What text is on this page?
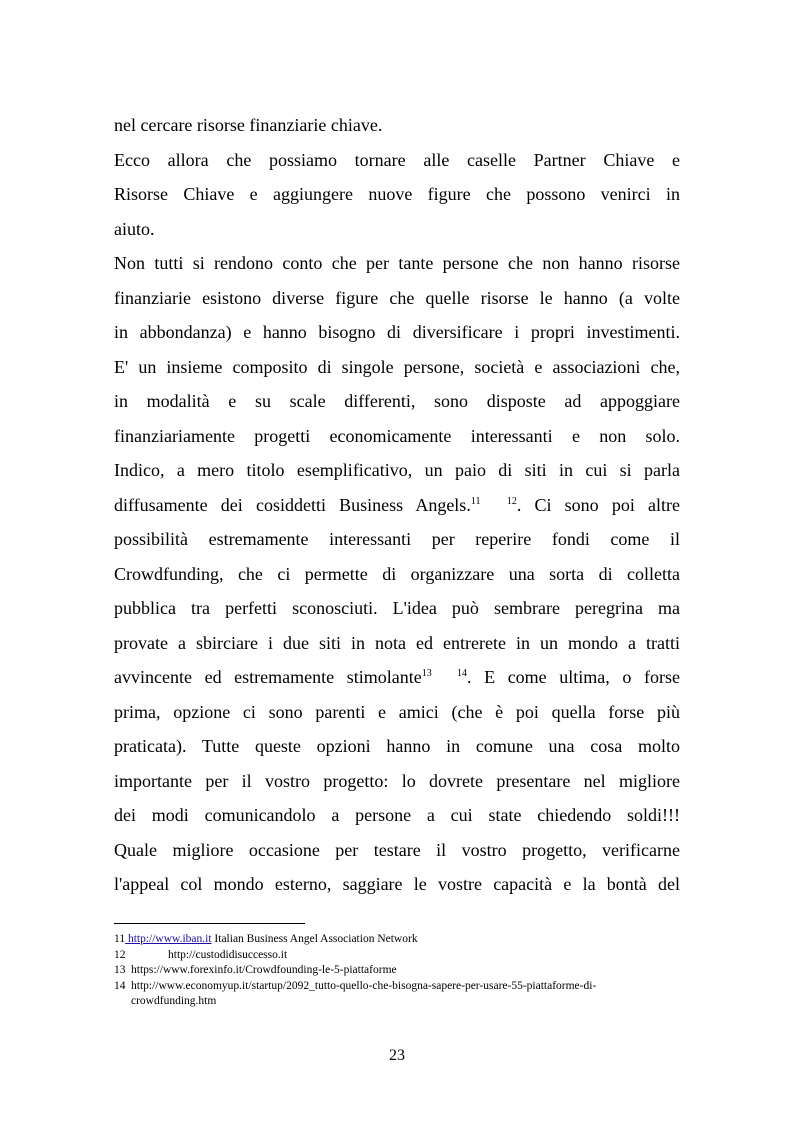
nel cercare risorse finanziarie chiave.
Ecco allora che possiamo tornare alle caselle Partner Chiave e
Risorse Chiave e aggiungere nuove figure che possono venirci in
aiuto.
Non tutti si rendono conto che per tante persone che non hanno risorse
finanziarie esistono diverse figure che quelle risorse le hanno (a volte
in abbondanza) e hanno bisogno di diversificare i propri investimenti.
E' un insieme composito di singole persone, società e associazioni che,
in modalità e su scale differenti, sono disposte ad appoggiare
finanziariamente progetti economicamente interessanti e non solo.
Indico, a mero titolo esemplificativo, un paio di siti in cui si parla
diffusamente dei cosiddetti Business Angels.$^{11}$	$^{12}$. Ci sono poi altre
possibilità estremamente interessanti per reperire fondi come il
Crowdfunding, che ci permette di organizzare una sorta di colletta
pubblica tra perfetti sconosciuti. L'idea può sembrare peregrina ma
provate a sbirciare i due siti in nota ed entrerete in un mondo a tratti
avvincente ed estremamente stimolante$^{13}$	$^{14}$. E come ultima, o forse
prima, opzione ci sono parenti e amici (che è poi quella forse più
praticata). Tutte queste opzioni hanno in comune una cosa molto
importante per il vostro progetto: lo dovrete presentare nel migliore
dei modi comunicandolo a persone a cui state chiedendo soldi!!!
Quale migliore occasione per testare il vostro progetto, verificarne
l'appeal col mondo esterno, saggiare le vostre capacità e la bontà del
11 http://www.iban.it Italian Business Angel Association Network
12	http://custodidisuccesso.it
13 https://www.forexinfo.it/Crowdfounding-le-5-piattaforme
14 http://www.economyup.it/startup/2092_tutto-quello-che-bisogna-sapere-per-usare-55-piattaforme-di-
crowdfunding.htm
23
